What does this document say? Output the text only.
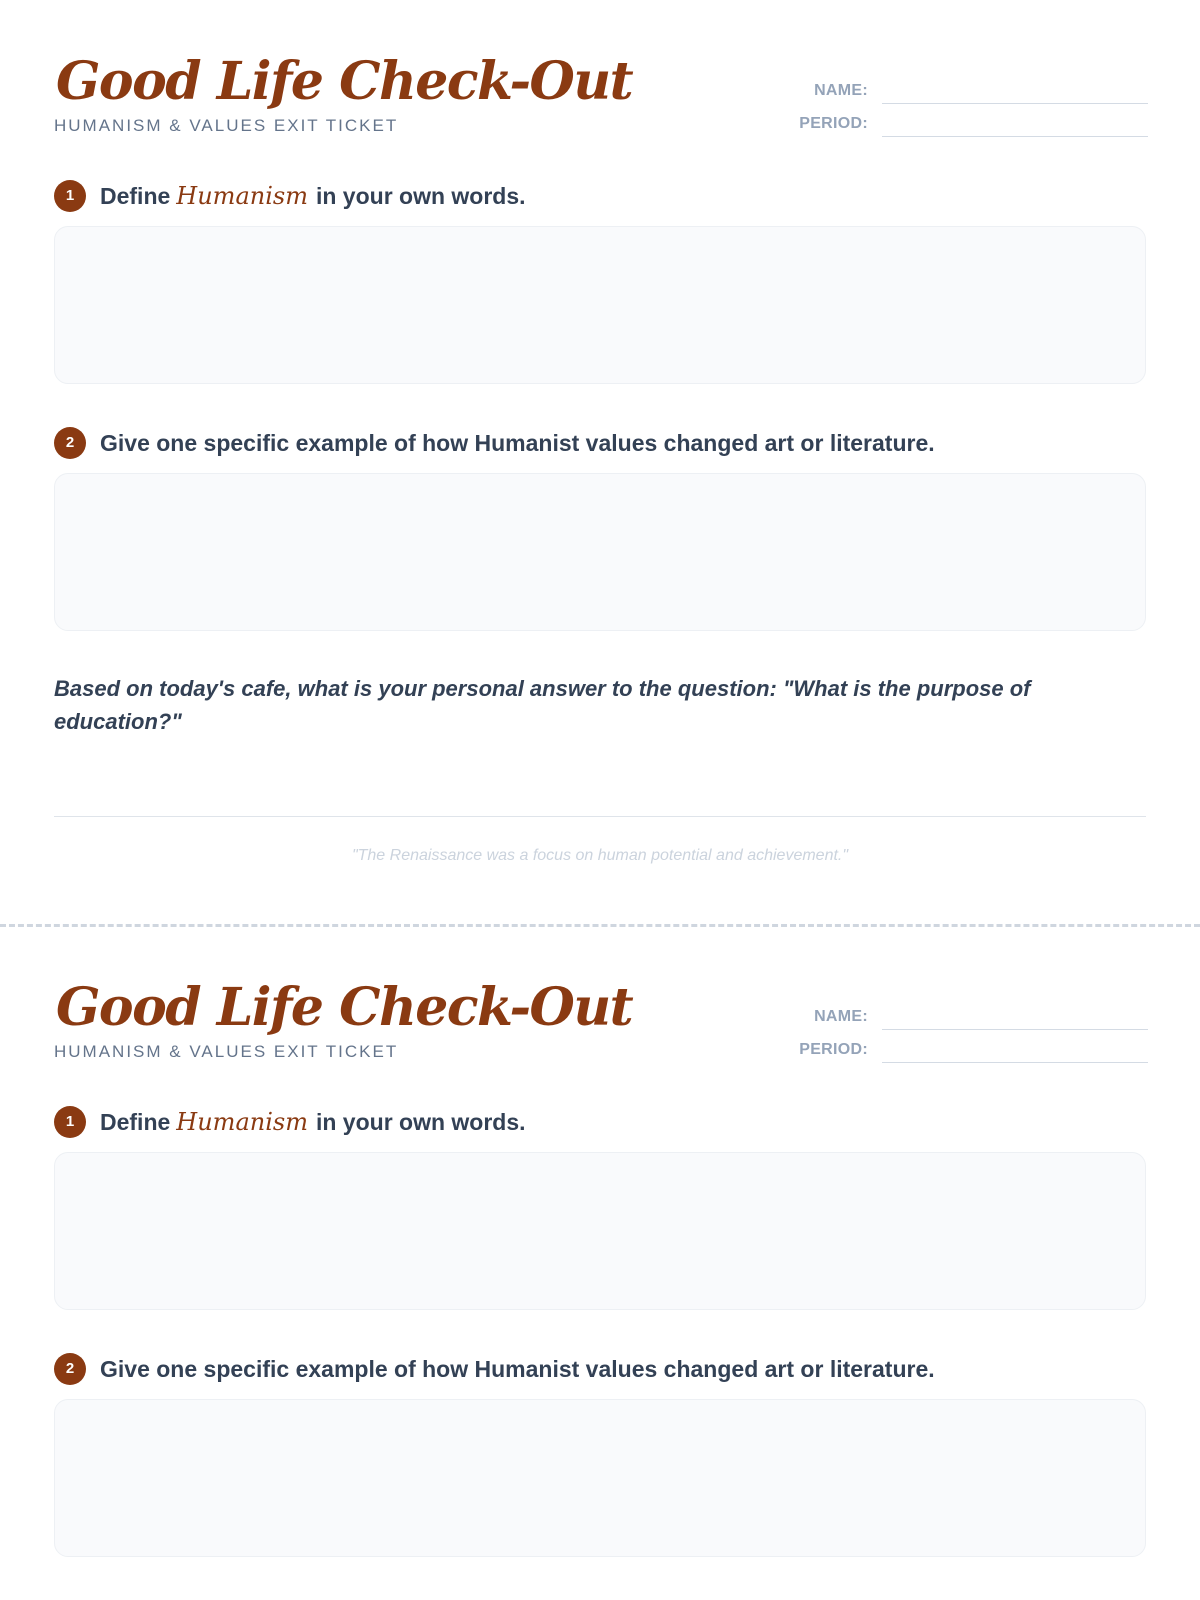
Good Life Check-Out
HUMANISM & VALUES EXIT TICKET
NAME:
PERIOD:
1	Define Humanism in your own words.
2	Give one specific example of how Humanist values changed art or literature.

Based on today's cafe, what is your personal answer to the question: "What is the purpose of education?"

"The Renaissance was a focus on human potential and achievement."
Good Life Check-Out
HUMANISM & VALUES EXIT TICKET
NAME:
PERIOD:
1	Define Humanism in your own words.
2	Give one specific example of how Humanist values changed art or literature.
